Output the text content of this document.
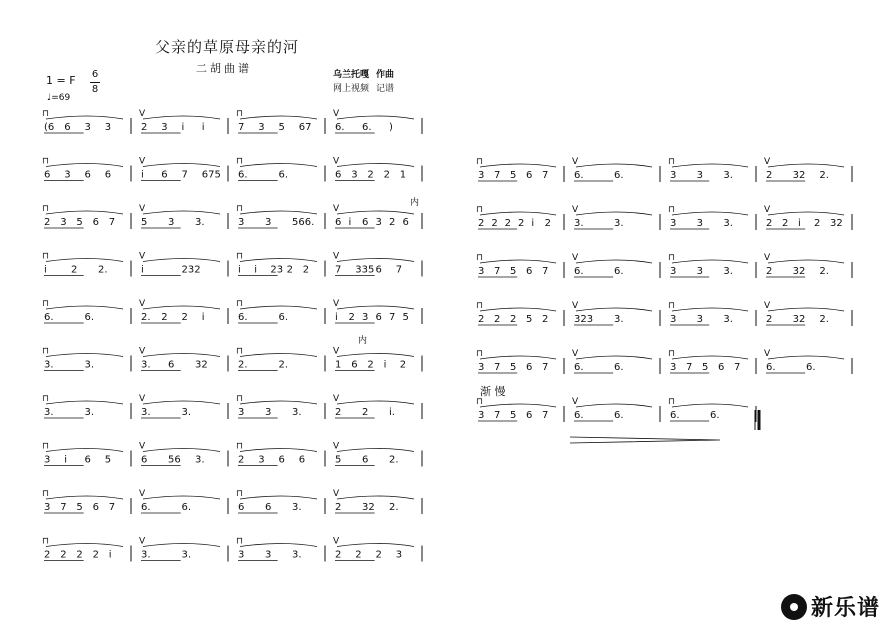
父亲的草原母亲的河
二胡曲谱	乌兰托嘎 作曲
网上视频 记谱
1 = F 6
8
♩=69
⊓
(6 6 3 3
V
2 3 i i
⊓
7 3 5 67
V
6. 6. )
⊓
6 3 6 6
V
i 6 7 675
⊓
6.	6.
V
6 3 2 2 1
⊓
2 3 5 6 7
V
5 3 3.
⊓
3 3 566.
V
6 i 6 3 2 6
⊓
i 2 2.
V
i	232
⊓
i i 23 2 2
V
7 335 6 7
⊓
6.	6.
V
2. 2 2 i
⊓
6.	6.
V
i 2 3 6 7 5
⊓
3.	3.
V
3. 6 32
⊓
2.	2.
V
1 6 2 i 2
⊓
3.	3.
V
3.	3.
⊓
3 3 3.
V
2 2 i.
⊓
3 i 6 5
V
6 56 3.
⊓
2 3 6 6
V
5 6 2.
⊓
3 7 5 6 7
V
6.	6.
⊓
6 6 3.
V
2 32 2.
⊓
2 2 2 2 i
V
3.	3.
⊓
3 3 3.
V
2 2 2 3
⊓
3 7 5 6 7
V
6.	6.
⊓
3 3 3.
V
2 32 2.
⊓
2 2 2 2 i 2
V
3.	3.
⊓
3 3 3.
V
2 2 i 2 32
⊓
3 7 5 6 7
V
6.	6.
⊓
3 3 3.
V
2 32 2.
⊓
2 2 2 5 2
V
323 3.
⊓
3 3 3.
V
2 32 2.
⊓
3 7 5 6 7
V
6.	6.
⊓
3 7 5 6 7
V
6.	6.
⊓
3 7 5 6 7
V
6.	6.
⊓
6.	6.
内
内
渐 慢
新乐谱
